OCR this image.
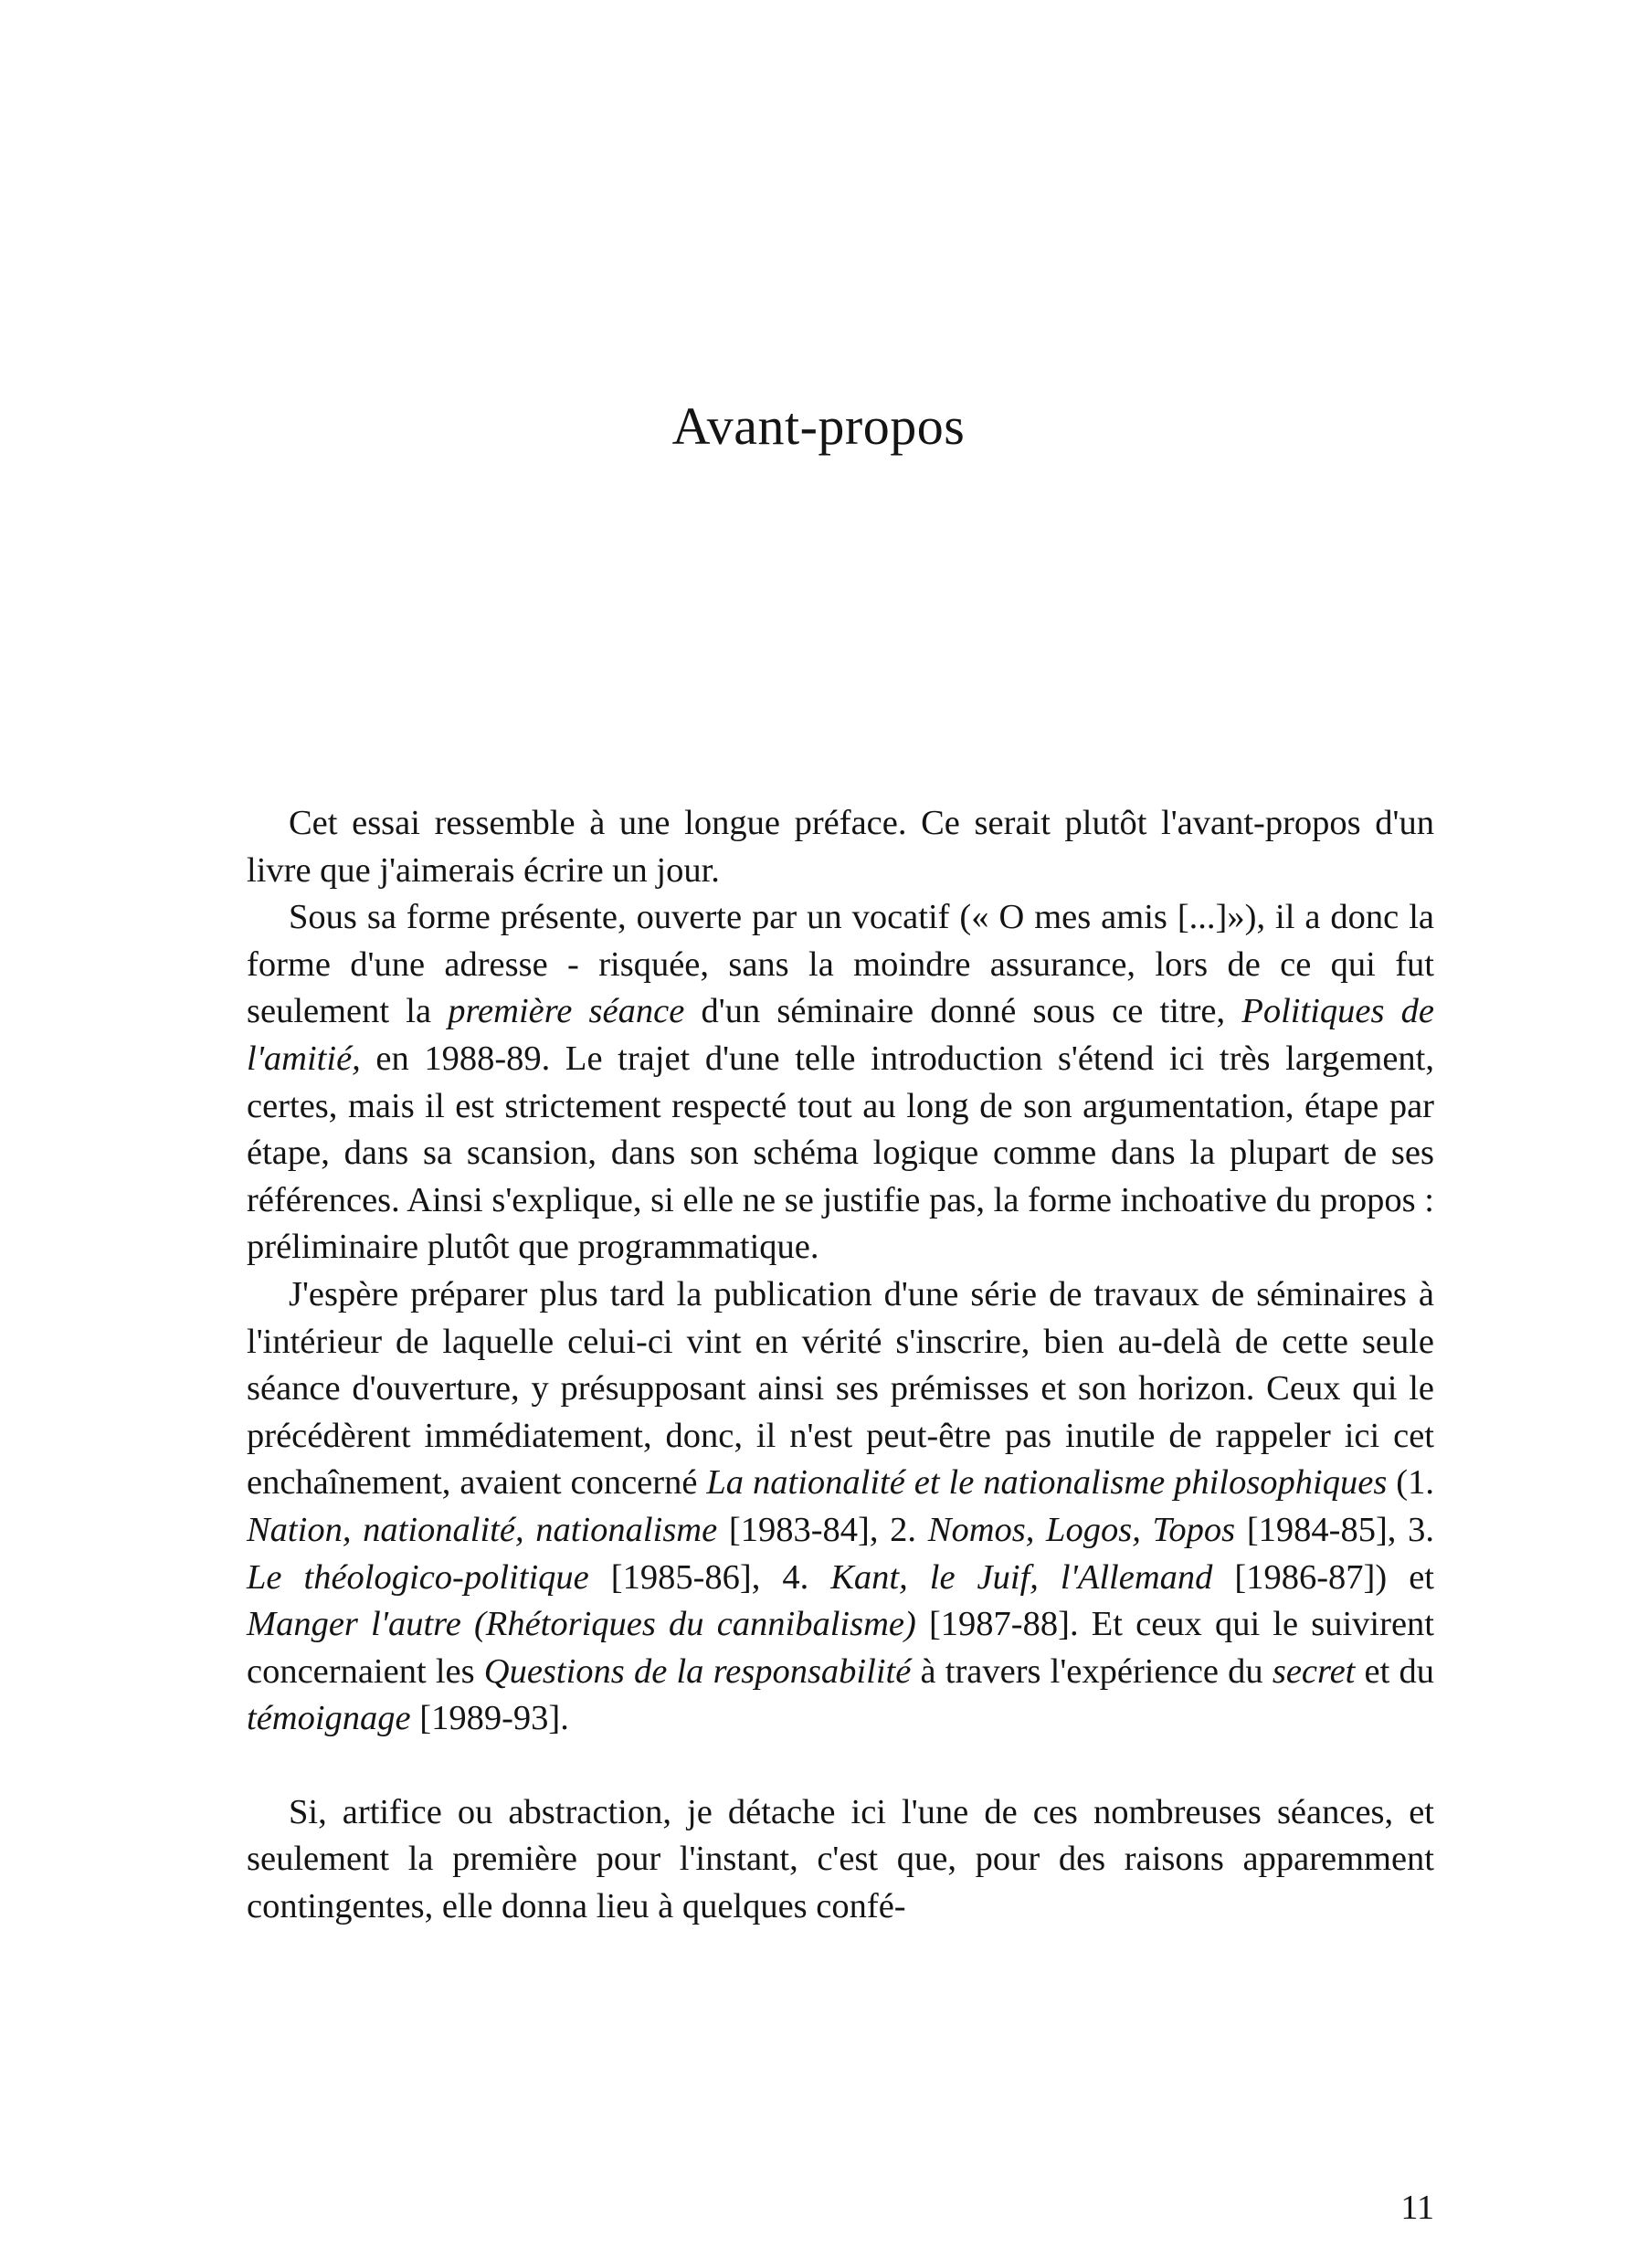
Avant-propos

Cet essai ressemble à une longue préface. Ce serait plutôt l'avant-propos d'un livre que j'aimerais écrire un jour.

Sous sa forme présente, ouverte par un vocatif (« O mes amis [...]»), il a donc la forme d'une adresse - risquée, sans la moindre assurance, lors de ce qui fut seulement la première séance d'un séminaire donné sous ce titre, Politiques de l'amitié, en 1988-89. Le trajet d'une telle introduction s'étend ici très largement, certes, mais il est strictement respecté tout au long de son argumentation, étape par étape, dans sa scansion, dans son schéma logique comme dans la plupart de ses références. Ainsi s'explique, si elle ne se justifie pas, la forme inchoative du propos : préliminaire plutôt que programmatique.

J'espère préparer plus tard la publication d'une série de travaux de séminaires à l'intérieur de laquelle celui-ci vint en vérité s'inscrire, bien au-delà de cette seule séance d'ouverture, y présupposant ainsi ses prémisses et son horizon. Ceux qui le précédèrent immédiatement, donc, il n'est peut-être pas inutile de rappeler ici cet enchaînement, avaient concerné La nationalité et le nationalisme philosophiques (1. Nation, nationalité, nationalisme [1983-84], 2. Nomos, Logos, Topos [1984-85], 3. Le théologico-politique [1985-86], 4. Kant, le Juif, l'Allemand [1986-87]) et Manger l'autre (Rhétoriques du cannibalisme) [1987-88]. Et ceux qui le suivirent concernaient les Questions de la responsabilité à travers l'expérience du secret et du témoignage [1989-93].

Si, artifice ou abstraction, je détache ici l'une de ces nombreuses séances, et seulement la première pour l'instant, c'est que, pour des raisons apparemment contingentes, elle donna lieu à quelques confé-

11
